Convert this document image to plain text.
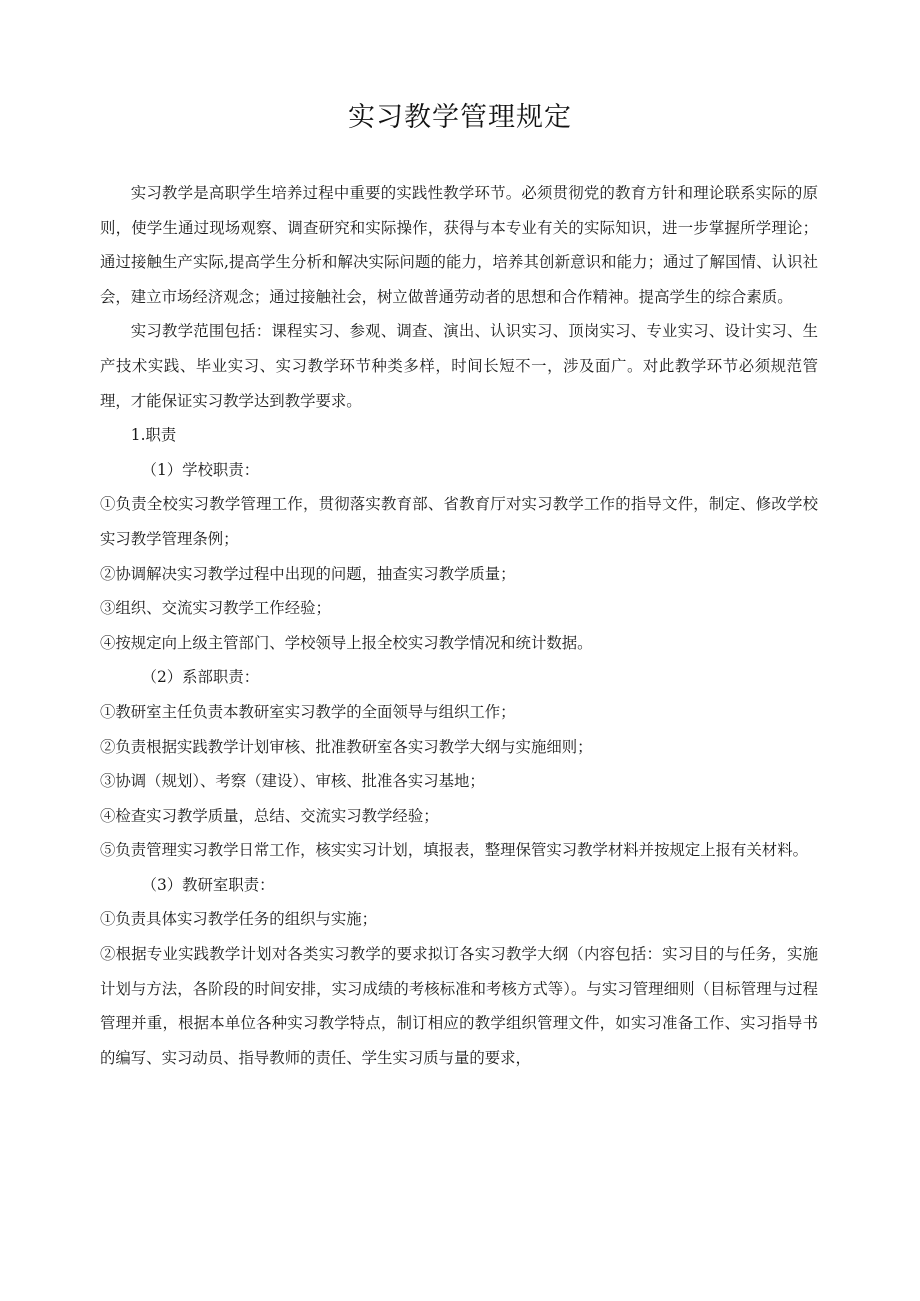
实习教学管理规定

实习教学是高职学生培养过程中重要的实践性教学环节。必须贯彻党的教育方针和理论联系实际的原则，使学生通过现场观察、调查研究和实际操作，获得与本专业有关的实际知识，进一步掌握所学理论；通过接触生产实际,提高学生分析和解决实际问题的能力，培养其创新意识和能力；通过了解国情、认识社会，建立市场经济观念；通过接触社会，树立做普通劳动者的思想和合作精神。提高学生的综合素质。

实习教学范围包括：课程实习、参观、调查、演出、认识实习、顶岗实习、专业实习、设计实习、生产技术实践、毕业实习、实习教学环节种类多样，时间长短不一，涉及面广。对此教学环节必须规范管理，才能保证实习教学达到教学要求。

1.职责

（1）学校职责：

①负责全校实习教学管理工作，贯彻落实教育部、省教育厅对实习教学工作的指导文件，制定、修改学校实习教学管理条例；

②协调解决实习教学过程中出现的问题，抽查实习教学质量；

③组织、交流实习教学工作经验；

④按规定向上级主管部门、学校领导上报全校实习教学情况和统计数据。

（2）系部职责：

①教研室主任负责本教研室实习教学的全面领导与组织工作；

②负责根据实践教学计划审核、批准教研室各实习教学大纲与实施细则；

③协调（规划）、考察（建设）、审核、批准各实习基地；

④检查实习教学质量，总结、交流实习教学经验；

⑤负责管理实习教学日常工作，核实实习计划，填报表，整理保管实习教学材料并按规定上报有关材料。

（3）教研室职责：

①负责具体实习教学任务的组织与实施；

②根据专业实践教学计划对各类实习教学的要求拟订各实习教学大纲（内容包括：实习目的与任务，实施计划与方法，各阶段的时间安排，实习成绩的考核标准和考核方式等）。与实习管理细则（目标管理与过程管理并重，根据本单位各种实习教学特点，制订相应的教学组织管理文件，如实习准备工作、实习指导书的编写、实习动员、指导教师的责任、学生实习质与量的要求，
